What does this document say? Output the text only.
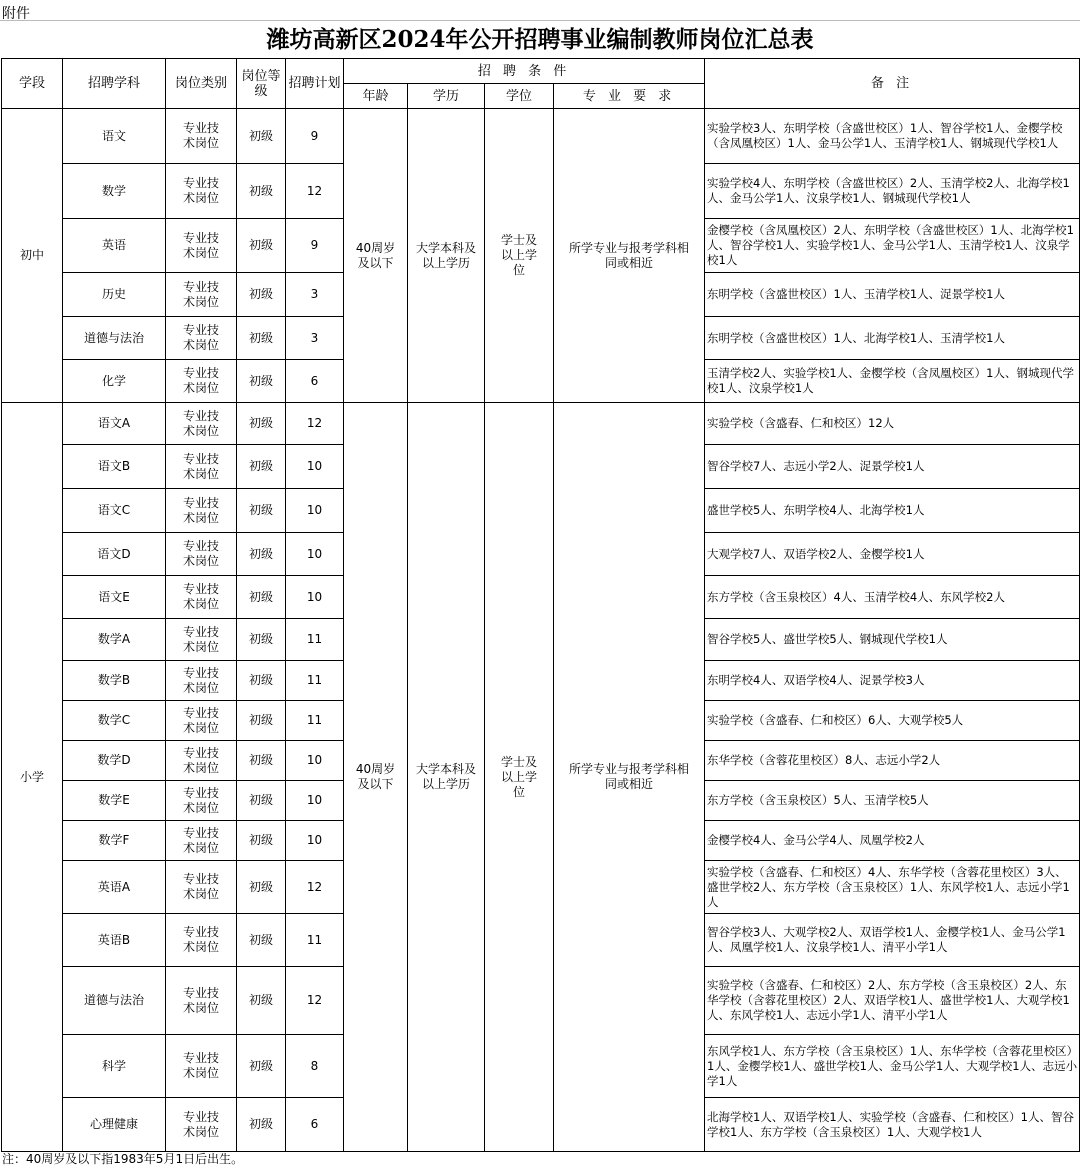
附件
潍坊高新区2024年公开招聘事业编制教师岗位汇总表
学段	招聘学科	岗位类别	岗位等级	招聘计划	招 聘 条 件				备 注
					年龄	学历	学位	专 业 要 求	
初中	语文	专业技术岗位	初级	9	40周岁及以下	大学本科及以上学历	学士及以上学位	所学专业与报考学科相同或相近	实验学校3人、东明学校（含盛世校区）1人、智谷学校1人、金樱学校（含凤凰校区）1人、金马公学1人、玉清学校1人、钢城现代学校1人
	数学	专业技术岗位	初级	12					实验学校4人、东明学校（含盛世校区）2人、玉清学校2人、北海学校1人、金马公学1人、汶泉学校1人、钢城现代学校1人
	英语	专业技术岗位	初级	9					金樱学校（含凤凰校区）2人、东明学校（含盛世校区）1人、北海学校1人、智谷学校1人、实验学校1人、金马公学1人、玉清学校1人、汶泉学校1人
	历史	专业技术岗位	初级	3					东明学校（含盛世校区）1人、玉清学校1人、浞景学校1人
	道德与法治	专业技术岗位	初级	3					东明学校（含盛世校区）1人、北海学校1人、玉清学校1人
	化学	专业技术岗位	初级	6					玉清学校2人、实验学校1人、金樱学校（含凤凰校区）1人、钢城现代学校1人、汶泉学校1人
小学	语文A	专业技术岗位	初级	12	40周岁及以下	大学本科及以上学历	学士及以上学位	所学专业与报考学科相同或相近	实验学校（含盛春、仁和校区）12人
	语文B	专业技术岗位	初级	10					智谷学校7人、志远小学2人、浞景学校1人
	语文C	专业技术岗位	初级	10					盛世学校5人、东明学校4人、北海学校1人
	语文D	专业技术岗位	初级	10					大观学校7人、双语学校2人、金樱学校1人
	语文E	专业技术岗位	初级	10					东方学校（含玉泉校区）4人、玉清学校4人、东风学校2人
	数学A	专业技术岗位	初级	11					智谷学校5人、盛世学校5人、钢城现代学校1人
	数学B	专业技术岗位	初级	11					东明学校4人、双语学校4人、浞景学校3人
	数学C	专业技术岗位	初级	11					实验学校（含盛春、仁和校区）6人、大观学校5人
	数学D	专业技术岗位	初级	10					东华学校（含蓉花里校区）8人、志远小学2人
	数学E	专业技术岗位	初级	10					东方学校（含玉泉校区）5人、玉清学校5人
	数学F	专业技术岗位	初级	10					金樱学校4人、金马公学4人、凤凰学校2人
	英语A	专业技术岗位	初级	12					实验学校（含盛春、仁和校区）4人、东华学校（含蓉花里校区）3人、盛世学校2人、东方学校（含玉泉校区）1人、东风学校1人、志远小学1人
	英语B	专业技术岗位	初级	11					智谷学校3人、大观学校2人、双语学校1人、金樱学校1人、金马公学1人、凤凰学校1人、汶泉学校1人、清平小学1人
	道德与法治	专业技术岗位	初级	12					实验学校（含盛春、仁和校区）2人、东方学校（含玉泉校区）2人、东华学校（含蓉花里校区）2人、双语学校1人、盛世学校1人、大观学校1人、东风学校1人、志远小学1人、清平小学1人
	科学	专业技术岗位	初级	8					东风学校1人、东方学校（含玉泉校区）1人、东华学校（含蓉花里校区）1人、金樱学校1人、盛世学校1人、金马公学1人、大观学校1人、志远小学1人
	心理健康	专业技术岗位	初级	6					北海学校1人、双语学校1人、实验学校（含盛春、仁和校区）1人、智谷学校1人、东方学校（含玉泉校区）1人、大观学校1人
注：40周岁及以下指1983年5月1日后出生。
